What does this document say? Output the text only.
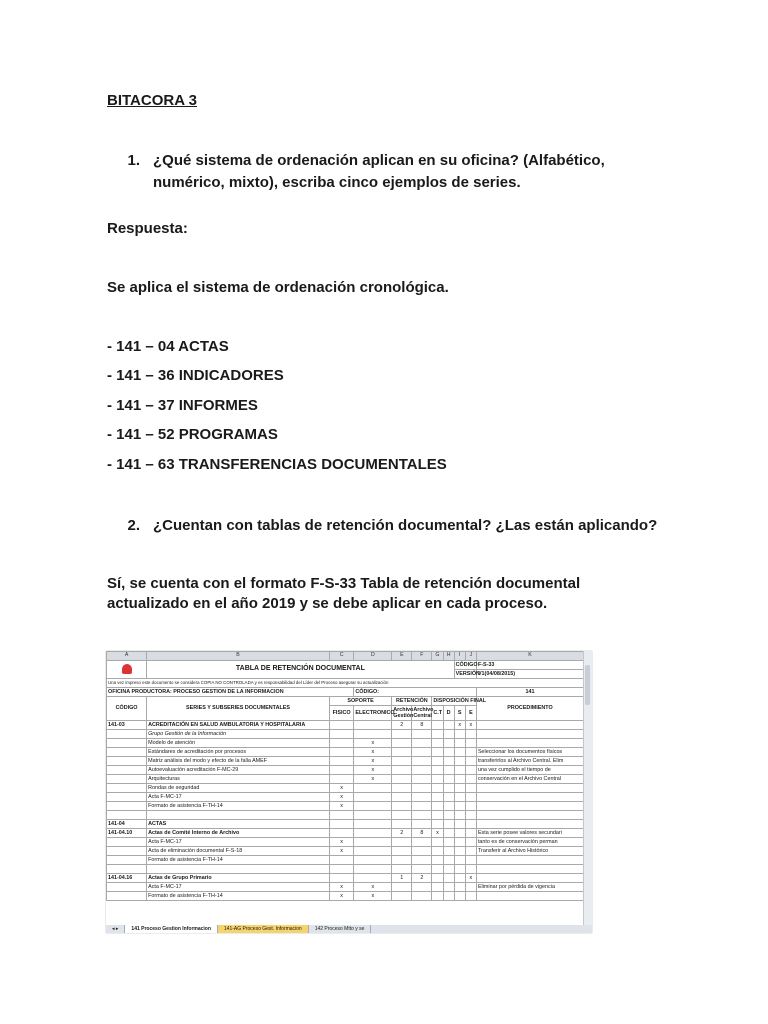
BITACORA 3

1. ¿Qué sistema de ordenación aplican en su oficina? (Alfabético, numérico, mixto), escriba cinco ejemplos de series.

Respuesta:

Se aplica el sistema de ordenación cronológica.

- 141 – 04 ACTAS

- 141 – 36 INDICADORES

- 141 – 37 INFORMES

- 141 – 52 PROGRAMAS

- 141 – 63 TRANSFERENCIAS DOCUMENTALES

2. ¿Cuentan con tablas de retención documental? ¿Las están aplicando?

Sí, se cuenta con el formato F-S-33 Tabla de retención documental

actualizado en el año 2019 y se debe aplicar en cada proceso.

A	B	C	D	E	F	G	H	I	J	K
	TABLA DE RETENCIÓN DOCUMENTAL							CÓDIGO		F-S-33
								VERSIÓN		V1(04/08/2015)
Una vez impreso este documento se considera COPIA NO CONTROLADA y es responsabilidad del Líder del Proceso asegurar su actualización										
OFICINA PRODUCTORA: PROCESO GESTION DE LA INFORMACION			CÓDIGO:							141
CÓDIGO	SERIES Y SUBSERIES DOCUMENTALES	SOPORTE		RETENCIÓN		DISPOSICIÓN FINAL				PROCEDIMIENTO
		FISICO	ELECTRONICO	Archivo Gestión	Archivo Central	C.T	D	S	E	
141-03	ACREDITACIÓN EN SALUD AMBULATORIA Y HOSPITALARIA			2	8			x	x	
	Grupo Gestión de la Información									
	Modelo de atención		x							
	Estándares de acreditación por procesos		x							Seleccionar los documentos físicos
	Matriz análisis del modo y efecto de la falla AMEF		x							transferirlos al Archivo Central. Elim
	Autoevaluación acreditación F-MC-29		x							una vez cumplido el tiempo de
	Arquitecturas		x							conservación en el Archivo Central
	Rondas de seguridad	x								
	Acta F-MC-17	x								
	Formato de asistencia F-TH-14	x								

141-04	ACTAS									
141-04.10	Actas de Comité Interno de Archivo			2	8	x				Esta serie posee valores secundari
	Acta F-MC-17	x								tanto es de conservación perman
	Acta de eliminación documental F-S-18	x								Transferir al Archivo Histórico
	Formato de asistencia F-TH-14									

141-04.16	Actas de Grupo Primario			1	2				x	
	Acta F-MC-17	x	x							Eliminar por pérdida de vigencia
	Formato de asistencia F-TH-14	x	x							
◂ ▸	141 Proceso Gestion Informacion	141-AG Proceso Gest. Informacion	142 Proceso Mtto y se
